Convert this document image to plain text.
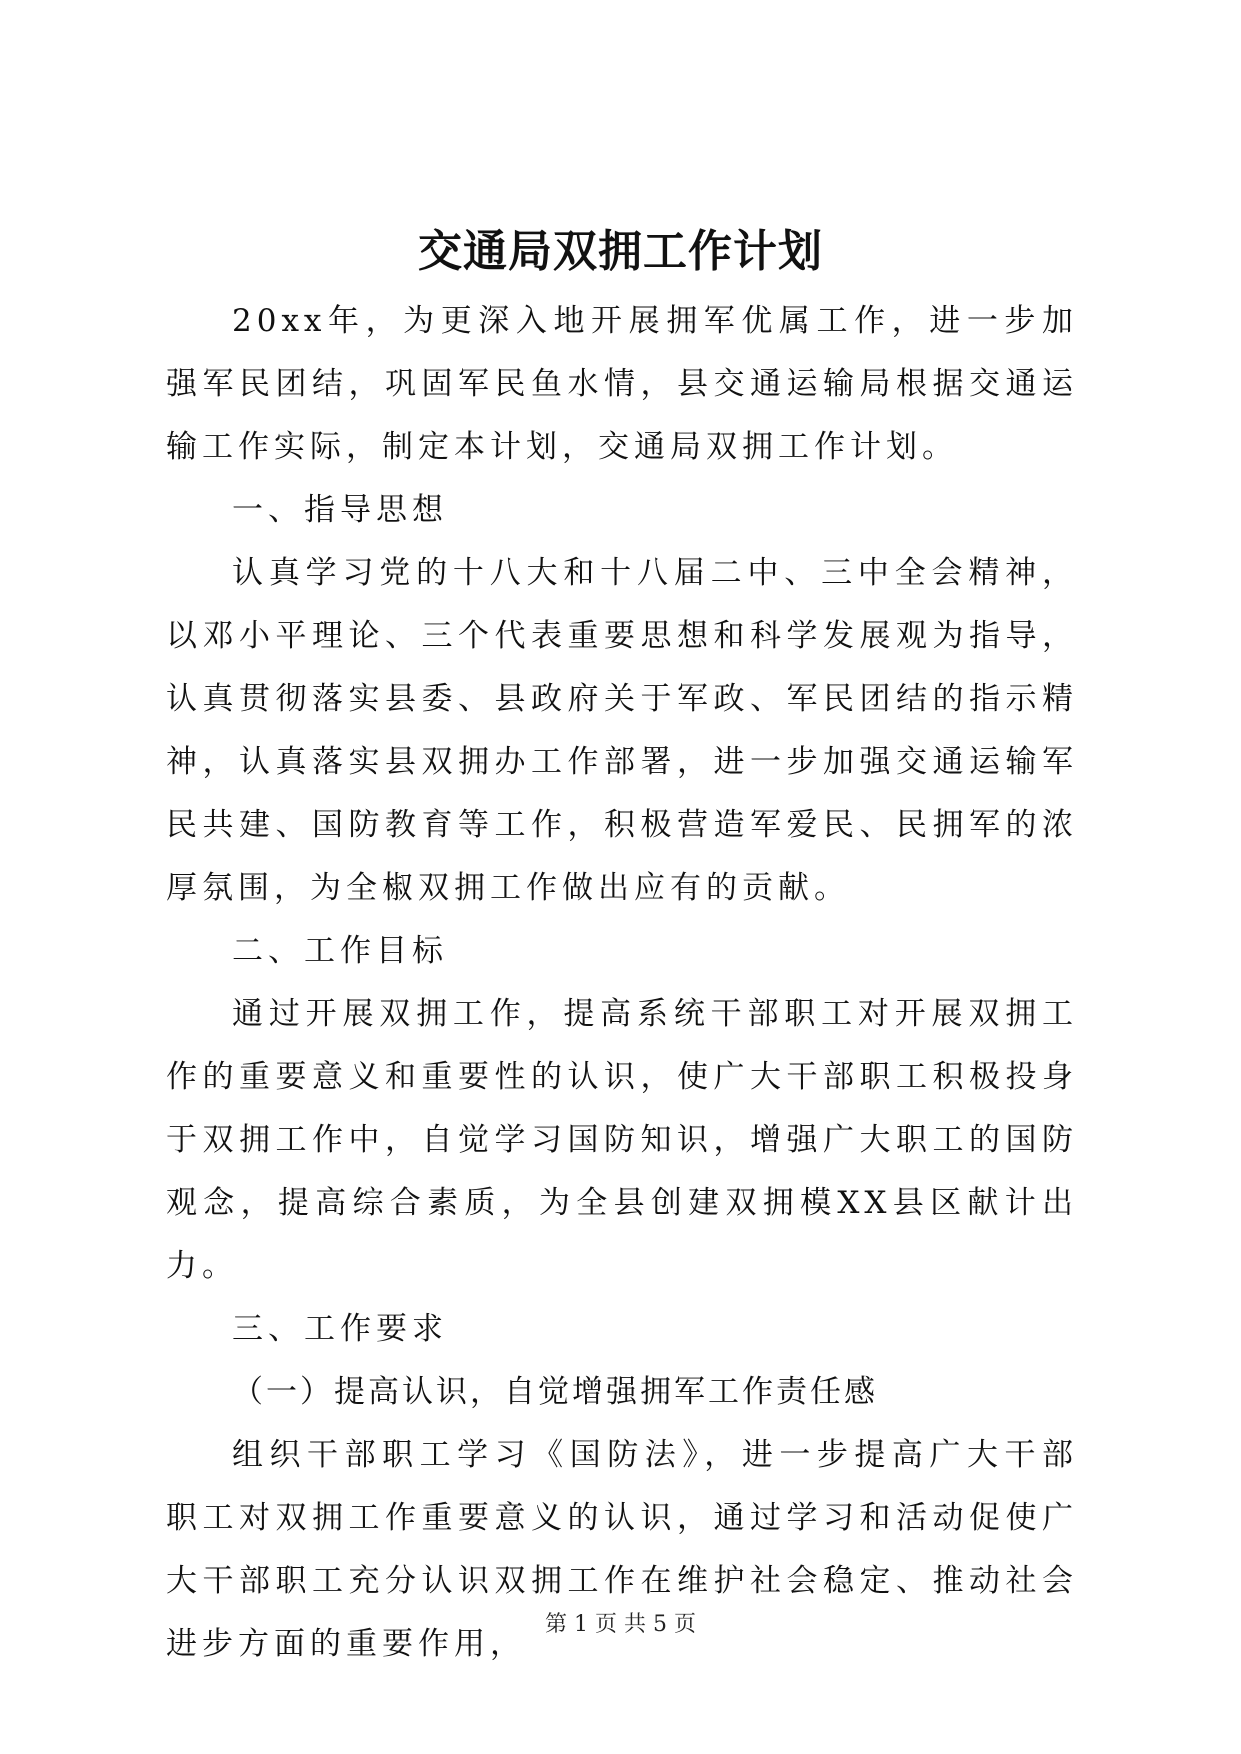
交通局双拥工作计划

20xx年，为更深入地开展拥军优属工作，进一步加强军民团结，巩固军民鱼水情，县交通运输局根据交通运输工作实际，制定本计划，交通局双拥工作计划。

一、指导思想

认真学习党的十八大和十八届二中、三中全会精神，以邓小平理论、三个代表重要思想和科学发展观为指导，认真贯彻落实县委、县政府关于军政、军民团结的指示精神，认真落实县双拥办工作部署，进一步加强交通运输军民共建、国防教育等工作，积极营造军爱民、民拥军的浓厚氛围，为全椒双拥工作做出应有的贡献。

二、工作目标

通过开展双拥工作，提高系统干部职工对开展双拥工作的重要意义和重要性的认识，使广大干部职工积极投身于双拥工作中，自觉学习国防知识，增强广大职工的国防观念，提高综合素质，为全县创建双拥模XX县区献计出力。

三、工作要求

（一）提高认识，自觉增强拥军工作责任感

组织干部职工学习《国防法》，进一步提高广大干部职工对双拥工作重要意义的认识，通过学习和活动促使广大干部职工充分认识双拥工作在维护社会稳定、推动社会进步方面的重要作用，

第 1 页 共 5 页
